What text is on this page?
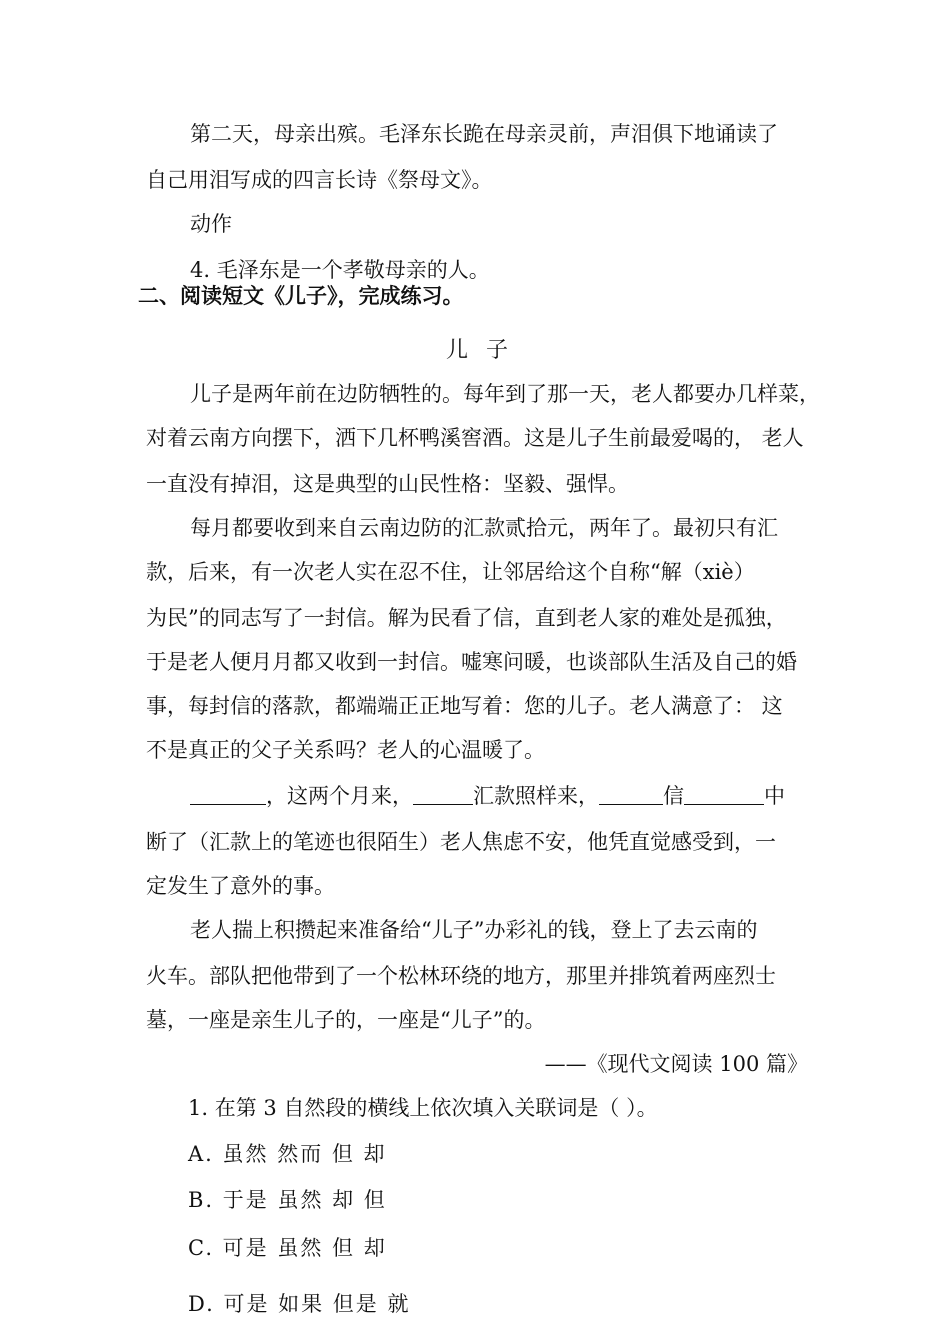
第二天，母亲出殡。毛泽东长跪在母亲灵前，声泪俱下地诵读了
自己用泪写成的四言长诗《祭母文》。
动作
4. 毛泽东是一个孝敬母亲的人。
二、阅读短文《儿子》，完成练习。
儿子
儿子是两年前在边防牺牲的。每年到了那一天，老人都要办几样菜，
对着云南方向摆下，洒下几杯鸭溪窖酒。这是儿子生前最爱喝的， 老人
一直没有掉泪，这是典型的山民性格：坚毅、强悍。
每月都要收到来自云南边防的汇款贰拾元，两年了。最初只有汇
款，后来，有一次老人实在忍不住，让邻居给这个自称“解（xiè）
为民”的同志写了一封信。解为民看了信，直到老人家的难处是孤独，
于是老人便月月都又收到一封信。嘘寒问暖，也谈部队生活及自己的婚
事，每封信的落款，都端端正正地写着：您的儿子。老人满意了： 这
不是真正的父子关系吗？老人的心温暖了。
，这两个月来，	汇款照样来，	信	中
断了（汇款上的笔迹也很陌生）老人焦虑不安，他凭直觉感受到，一
定发生了意外的事。
老人揣上积攒起来准备给“儿子”办彩礼的钱，登上了去云南的
火车。部队把他带到了一个松林环绕的地方，那里并排筑着两座烈士
墓，一座是亲生儿子的，一座是“儿子”的。
——《现代文阅读 100 篇》
1. 在第 3 自然段的横线上依次填入关联词是（ ）。
A. 虽然 然而 但 却
B. 于是 虽然 却 但
C. 可是 虽然 但 却
D. 可是 如果 但是 就
